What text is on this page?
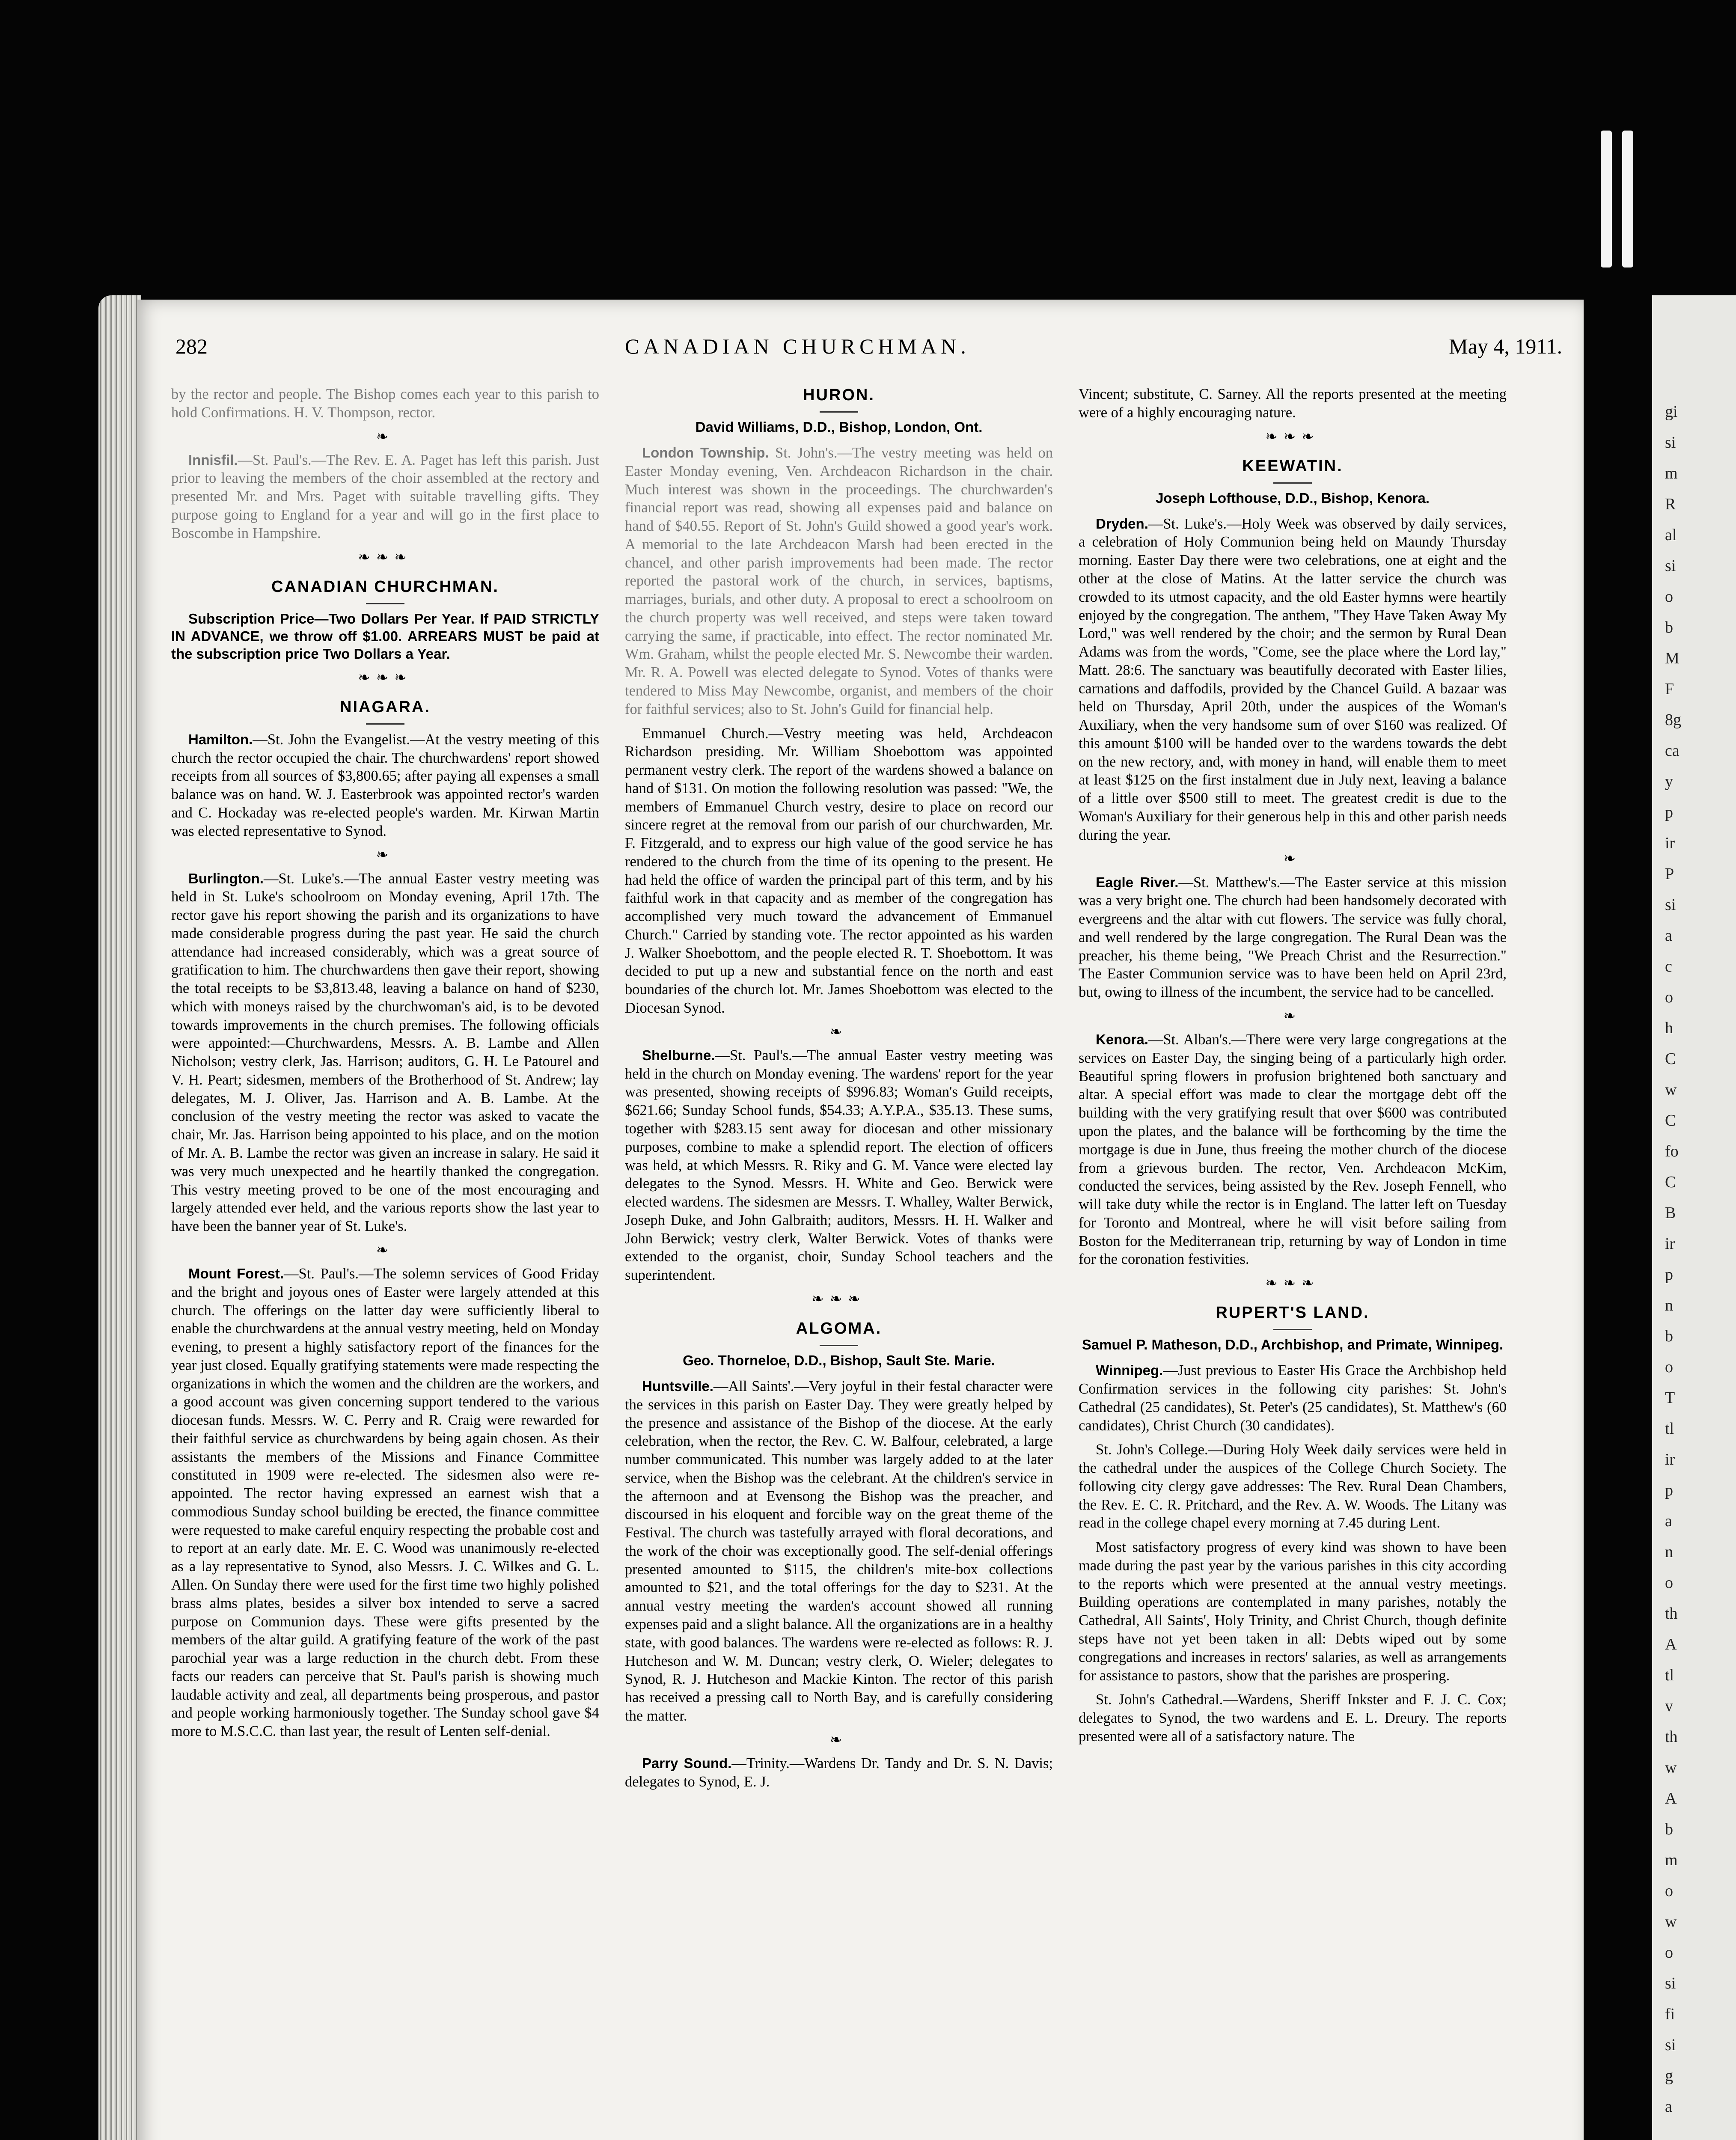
gi
si
m
R
al
si
o
b
M
F
8g
ca
y
p
ir
P
si
a
c
o
h
C
w
C
fo
C
B
ir
p
n
b
o
T
tl
ir
p
a
n
o
th
A
tl
v
th
w
A
b
m
o
w
o
si
fi
si
g
a
282	CANADIAN CHURCHMAN.	May 4, 1911.

by the rector and people. The Bishop comes each year to this parish to hold Confirmations. H. V. Thompson, rector.

❧

Innisfil.—St. Paul's.—The Rev. E. A. Paget has left this parish. Just prior to leaving the members of the choir assembled at the rectory and presented Mr. and Mrs. Paget with suitable travelling gifts. They purpose going to England for a year and will go in the first place to Boscombe in Hampshire.

❧❧❧
CANADIAN CHURCHMAN.

Subscription Price—Two Dollars Per Year. If PAID STRICTLY IN ADVANCE, we throw off $1.00. ARREARS MUST be paid at the subscription price Two Dollars a Year.

❧❧❧
NIAGARA.

Hamilton.—St. John the Evangelist.—At the vestry meeting of this church the rector occupied the chair. The churchwardens' report showed receipts from all sources of $3,800.65; after paying all expenses a small balance was on hand. W. J. Easterbrook was appointed rector's warden and C. Hockaday was re-elected people's warden. Mr. Kirwan Martin was elected representative to Synod.

❧

Burlington.—St. Luke's.—The annual Easter vestry meeting was held in St. Luke's schoolroom on Monday evening, April 17th. The rector gave his report showing the parish and its organizations to have made considerable progress during the past year. He said the church attendance had increased considerably, which was a great source of gratification to him. The churchwardens then gave their report, showing the total receipts to be $3,813.48, leaving a balance on hand of $230, which with moneys raised by the churchwoman's aid, is to be devoted towards improvements in the church premises. The following officials were appointed:—Churchwardens, Messrs. A. B. Lambe and Allen Nicholson; vestry clerk, Jas. Harrison; auditors, G. H. Le Patourel and V. H. Peart; sidesmen, members of the Brotherhood of St. Andrew; lay delegates, M. J. Oliver, Jas. Harrison and A. B. Lambe. At the conclusion of the vestry meeting the rector was asked to vacate the chair, Mr. Jas. Harrison being appointed to his place, and on the motion of Mr. A. B. Lambe the rector was given an increase in salary. He said it was very much unexpected and he heartily thanked the congregation. This vestry meeting proved to be one of the most encouraging and largely attended ever held, and the various reports show the last year to have been the banner year of St. Luke's.

❧

Mount Forest.—St. Paul's.—The solemn services of Good Friday and the bright and joyous ones of Easter were largely attended at this church. The offerings on the latter day were sufficiently liberal to enable the churchwardens at the annual vestry meeting, held on Monday evening, to present a highly satisfactory report of the finances for the year just closed. Equally gratifying statements were made respecting the organizations in which the women and the children are the workers, and a good account was given concerning support tendered to the various diocesan funds. Messrs. W. C. Perry and R. Craig were rewarded for their faithful service as churchwardens by being again chosen. As their assistants the members of the Missions and Finance Committee constituted in 1909 were re-elected. The sidesmen also were re-appointed. The rector having expressed an earnest wish that a commodious Sunday school building be erected, the finance committee were requested to make careful enquiry respecting the probable cost and to report at an early date. Mr. E. C. Wood was unanimously re-elected as a lay representative to Synod, also Messrs. J. C. Wilkes and G. L. Allen. On Sunday there were used for the first time two highly polished brass alms plates, besides a silver box intended to serve a sacred purpose on Communion days. These were gifts presented by the members of the altar guild. A gratifying feature of the work of the past parochial year was a large reduction in the church debt. From these facts our readers can perceive that St. Paul's parish is showing much laudable activity and zeal, all departments being prosperous, and pastor and people working harmoniously together. The Sunday school gave $4 more to M.S.C.C. than last year, the result of Lenten self-denial.

HURON.
David Williams, D.D., Bishop, London, Ont.

London Township. St. John's.—The vestry meeting was held on Easter Monday evening, Ven. Archdeacon Richardson in the chair. Much interest was shown in the proceedings. The churchwarden's financial report was read, showing all expenses paid and balance on hand of $40.55. Report of St. John's Guild showed a good year's work. A memorial to the late Archdeacon Marsh had been erected in the chancel, and other parish improvements had been made. The rector reported the pastoral work of the church, in services, baptisms, marriages, burials, and other duty. A proposal to erect a schoolroom on the church property was well received, and steps were taken toward carrying the same, if practicable, into effect. The rector nominated Mr. Wm. Graham, whilst the people elected Mr. S. Newcombe their warden. Mr. R. A. Powell was elected delegate to Synod. Votes of thanks were tendered to Miss May Newcombe, organist, and members of the choir for faithful services; also to St. John's Guild for financial help.

Emmanuel Church.—Vestry meeting was held, Archdeacon Richardson presiding. Mr. William Shoebottom was appointed permanent vestry clerk. The report of the wardens showed a balance on hand of $131. On motion the following resolution was passed: "We, the members of Emmanuel Church vestry, desire to place on record our sincere regret at the removal from our parish of our churchwarden, Mr. F. Fitzgerald, and to express our high value of the good service he has rendered to the church from the time of its opening to the present. He had held the office of warden the principal part of this term, and by his faithful work in that capacity and as member of the congregation has accomplished very much toward the advancement of Emmanuel Church." Carried by standing vote. The rector appointed as his warden J. Walker Shoebottom, and the people elected R. T. Shoebottom. It was decided to put up a new and substantial fence on the north and east boundaries of the church lot. Mr. James Shoebottom was elected to the Diocesan Synod.

❧

Shelburne.—St. Paul's.—The annual Easter vestry meeting was held in the church on Monday evening. The wardens' report for the year was presented, showing receipts of $996.83; Woman's Guild receipts, $621.66; Sunday School funds, $54.33; A.Y.P.A., $35.13. These sums, together with $283.15 sent away for diocesan and other missionary purposes, combine to make a splendid report. The election of officers was held, at which Messrs. R. Riky and G. M. Vance were elected lay delegates to the Synod. Messrs. H. White and Geo. Berwick were elected wardens. The sidesmen are Messrs. T. Whalley, Walter Berwick, Joseph Duke, and John Galbraith; auditors, Messrs. H. H. Walker and John Berwick; vestry clerk, Walter Berwick. Votes of thanks were extended to the organist, choir, Sunday School teachers and the superintendent.

❧❧❧
ALGOMA.
Geo. Thorneloe, D.D., Bishop, Sault Ste. Marie.

Huntsville.—All Saints'.—Very joyful in their festal character were the services in this parish on Easter Day. They were greatly helped by the presence and assistance of the Bishop of the diocese. At the early celebration, when the rector, the Rev. C. W. Balfour, celebrated, a large number communicated. This number was largely added to at the later service, when the Bishop was the celebrant. At the children's service in the afternoon and at Evensong the Bishop was the preacher, and discoursed in his eloquent and forcible way on the great theme of the Festival. The church was tastefully arrayed with floral decorations, and the work of the choir was exceptionally good. The self-denial offerings presented amounted to $115, the children's mite-box collections amounted to $21, and the total offerings for the day to $231. At the annual vestry meeting the warden's account showed all running expenses paid and a slight balance. All the organizations are in a healthy state, with good balances. The wardens were re-elected as follows: R. J. Hutcheson and W. M. Duncan; vestry clerk, O. Wieler; delegates to Synod, R. J. Hutcheson and Mackie Kinton. The rector of this parish has received a pressing call to North Bay, and is carefully considering the matter.

❧

Parry Sound.—Trinity.—Wardens Dr. Tandy and Dr. S. N. Davis; delegates to Synod, E. J.

Vincent; substitute, C. Sarney. All the reports presented at the meeting were of a highly encouraging nature.

❧❧❧
KEEWATIN.
Joseph Lofthouse, D.D., Bishop, Kenora.

Dryden.—St. Luke's.—Holy Week was observed by daily services, a celebration of Holy Communion being held on Maundy Thursday morning. Easter Day there were two celebrations, one at eight and the other at the close of Matins. At the latter service the church was crowded to its utmost capacity, and the old Easter hymns were heartily enjoyed by the congregation. The anthem, "They Have Taken Away My Lord," was well rendered by the choir; and the sermon by Rural Dean Adams was from the words, "Come, see the place where the Lord lay," Matt. 28:6. The sanctuary was beautifully decorated with Easter lilies, carnations and daffodils, provided by the Chancel Guild. A bazaar was held on Thursday, April 20th, under the auspices of the Woman's Auxiliary, when the very handsome sum of over $160 was realized. Of this amount $100 will be handed over to the wardens towards the debt on the new rectory, and, with money in hand, will enable them to meet at least $125 on the first instalment due in July next, leaving a balance of a little over $500 still to meet. The greatest credit is due to the Woman's Auxiliary for their generous help in this and other parish needs during the year.

❧

Eagle River.—St. Matthew's.—The Easter service at this mission was a very bright one. The church had been handsomely decorated with evergreens and the altar with cut flowers. The service was fully choral, and well rendered by the large congregation. The Rural Dean was the preacher, his theme being, "We Preach Christ and the Resurrection." The Easter Communion service was to have been held on April 23rd, but, owing to illness of the incumbent, the service had to be cancelled.

❧

Kenora.—St. Alban's.—There were very large congregations at the services on Easter Day, the singing being of a particularly high order. Beautiful spring flowers in profusion brightened both sanctuary and altar. A special effort was made to clear the mortgage debt off the building with the very gratifying result that over $600 was contributed upon the plates, and the balance will be forthcoming by the time the mortgage is due in June, thus freeing the mother church of the diocese from a grievous burden. The rector, Ven. Archdeacon McKim, conducted the services, being assisted by the Rev. Joseph Fennell, who will take duty while the rector is in England. The latter left on Tuesday for Toronto and Montreal, where he will visit before sailing from Boston for the Mediterranean trip, returning by way of London in time for the coronation festivities.

❧❧❧
RUPERT'S LAND.
Samuel P. Matheson, D.D., Archbishop, and Primate, Winnipeg.

Winnipeg.—Just previous to Easter His Grace the Archbishop held Confirmation services in the following city parishes: St. John's Cathedral (25 candidates), St. Peter's (25 candidates), St. Matthew's (60 candidates), Christ Church (30 candidates).

St. John's College.—During Holy Week daily services were held in the cathedral under the auspices of the College Church Society. The following city clergy gave addresses: The Rev. Rural Dean Chambers, the Rev. E. C. R. Pritchard, and the Rev. A. W. Woods. The Litany was read in the college chapel every morning at 7.45 during Lent.

Most satisfactory progress of every kind was shown to have been made during the past year by the various parishes in this city according to the reports which were presented at the annual vestry meetings. Building operations are contemplated in many parishes, notably the Cathedral, All Saints', Holy Trinity, and Christ Church, though definite steps have not yet been taken in all: Debts wiped out by some congregations and increases in rectors' salaries, as well as arrangements for assistance to pastors, show that the parishes are prospering.

St. John's Cathedral.—Wardens, Sheriff Inkster and F. J. C. Cox; delegates to Synod, the two wardens and E. L. Dreury. The reports presented were all of a satisfactory nature. The
